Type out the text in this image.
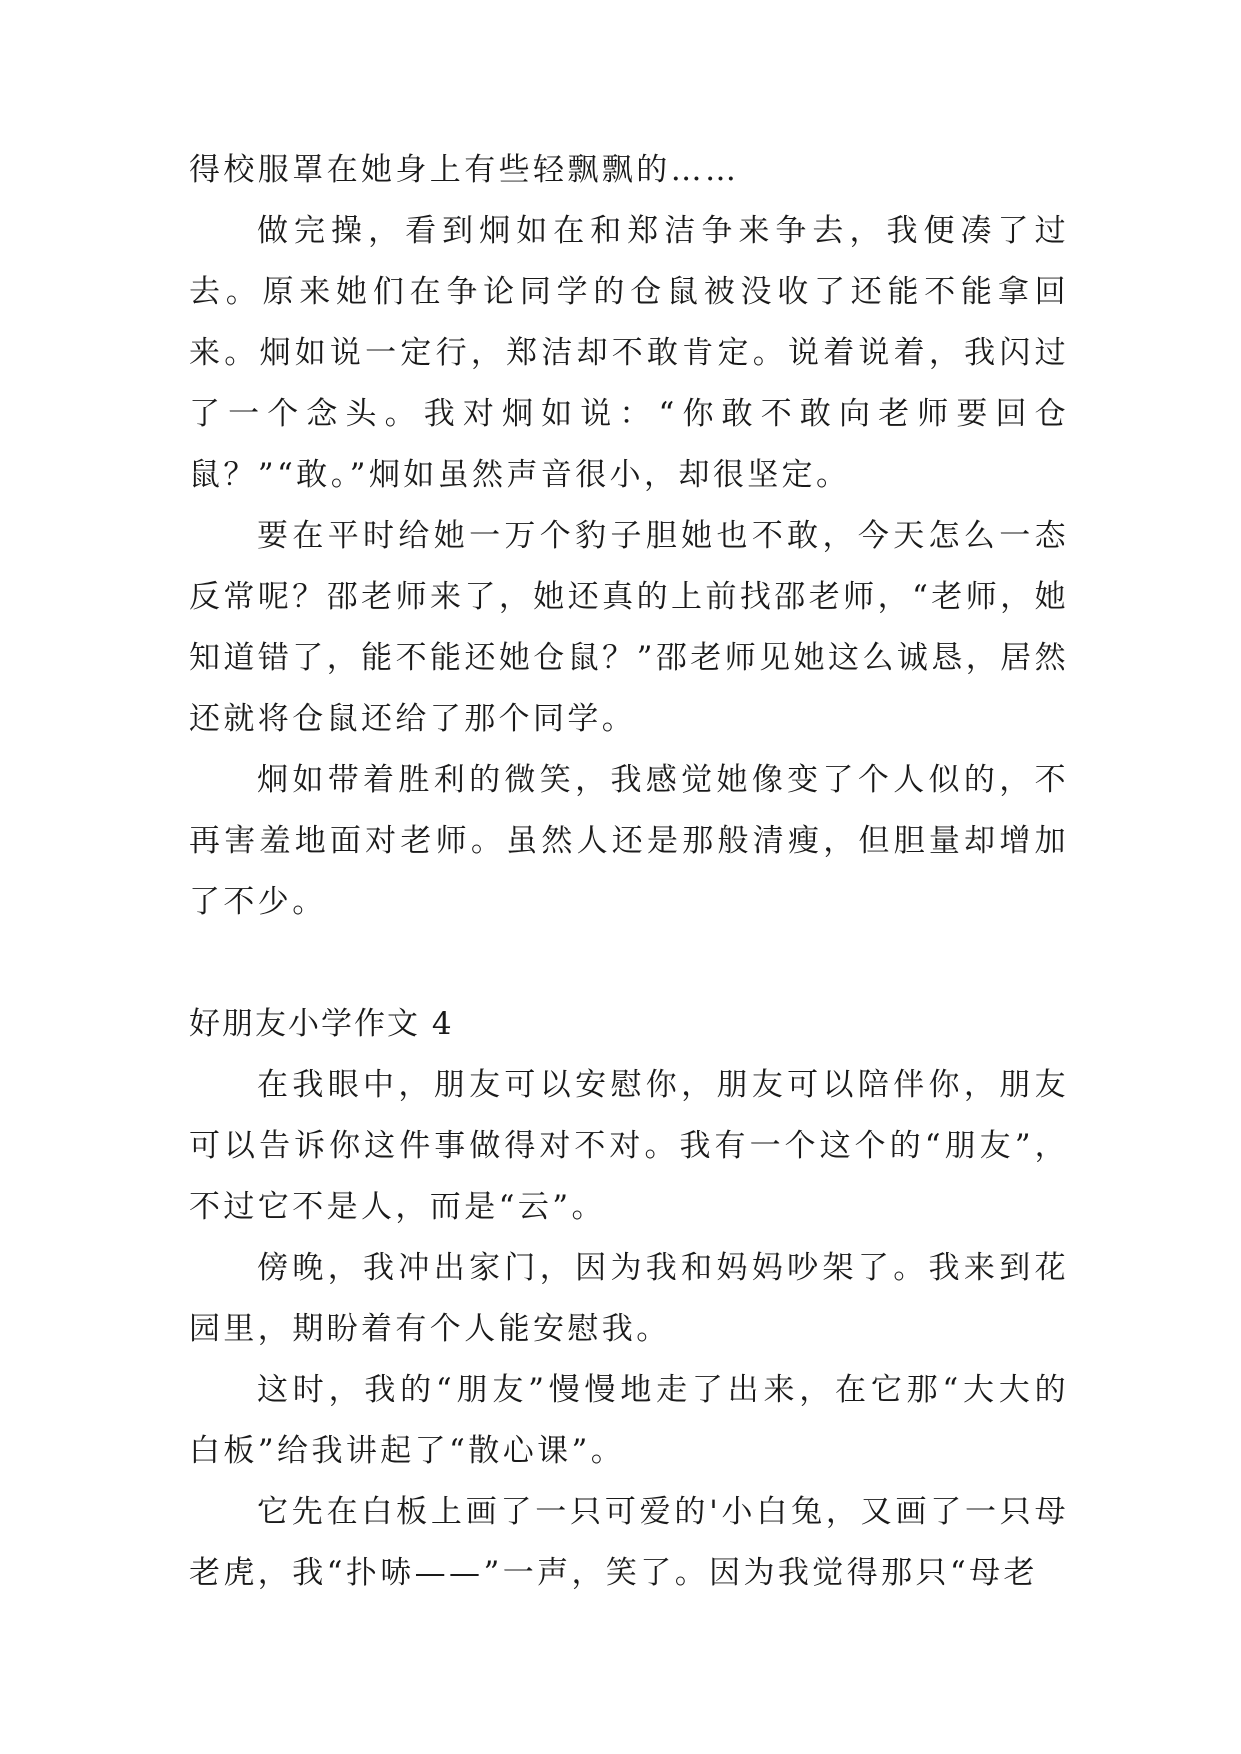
得校服罩在她身上有些轻飘飘的……

做完操，看到炯如在和郑洁争来争去，我便凑了过去。原来她们在争论同学的仓鼠被没收了还能不能拿回来。炯如说一定行，郑洁却不敢肯定。说着说着，我闪过了一个念头。我对炯如说：“你敢不敢向老师要回仓鼠？”“敢。”炯如虽然声音很小，却很坚定。

要在平时给她一万个豹子胆她也不敢，今天怎么一态反常呢？邵老师来了，她还真的上前找邵老师，“老师，她知道错了，能不能还她仓鼠？”邵老师见她这么诚恳，居然还就将仓鼠还给了那个同学。

炯如带着胜利的微笑，我感觉她像变了个人似的，不再害羞地面对老师。虽然人还是那般清瘦，但胆量却增加了不少。

好朋友小学作文 4

在我眼中，朋友可以安慰你，朋友可以陪伴你，朋友可以告诉你这件事做得对不对。我有一个这个的“朋友”，不过它不是人，而是“云”。

傍晚，我冲出家门，因为我和妈妈吵架了。我来到花园里，期盼着有个人能安慰我。

这时，我的“朋友”慢慢地走了出来，在它那“大大的白板”给我讲起了“散心课”。

它先在白板上画了一只可爱的'小白兔，又画了一只母老虎，我“扑哧——”一声，笑了。因为我觉得那只“母老
